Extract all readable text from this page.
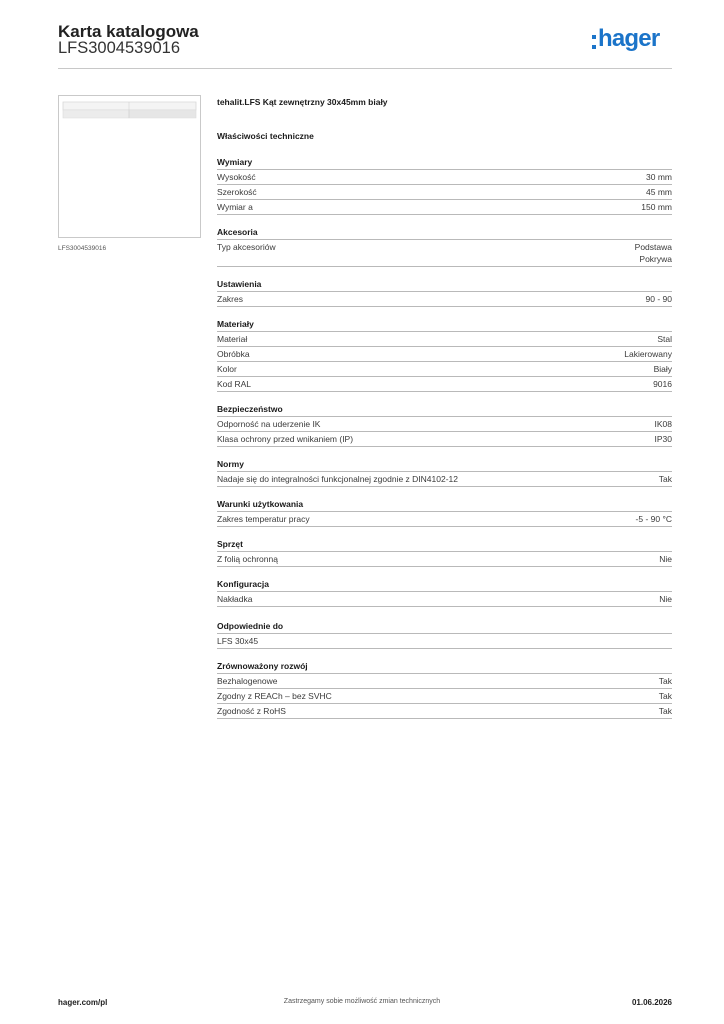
Karta katalogowa
LFS3004539016	hager
LFS3004539016
tehalit.LFS Kąt zewnętrzny 30x45mm biały
Właściwości techniczne
Wymiary
Wysokość	30 mm
Szerokość	45 mm
Wymiar a	150 mm
Akcesoria
Typ akcesoriów	Podstawa
Pokrywa
Ustawienia
Zakres	90 - 90
Materiały
Materiał	Stal
Obróbka	Lakierowany
Kolor	Biały
Kod RAL	9016
Bezpieczeństwo
Odporność na uderzenie IK	IK08
Klasa ochrony przed wnikaniem (IP)	IP30
Normy
Nadaje się do integralności funkcjonalnej zgodnie z DIN4102-12	Tak
Warunki użytkowania
Zakres temperatur pracy	-5 - 90 °C
Sprzęt
Z folią ochronną	Nie
Konfiguracja
Nakładka	Nie
Odpowiednie do
LFS 30x45
Zrównoważony rozwój
Bezhalogenowe	Tak
Zgodny z REACh – bez SVHC	Tak
Zgodność z RoHS	Tak
hager.com/pl	Zastrzegamy sobie możliwość zmian technicznych	01.06.2026
